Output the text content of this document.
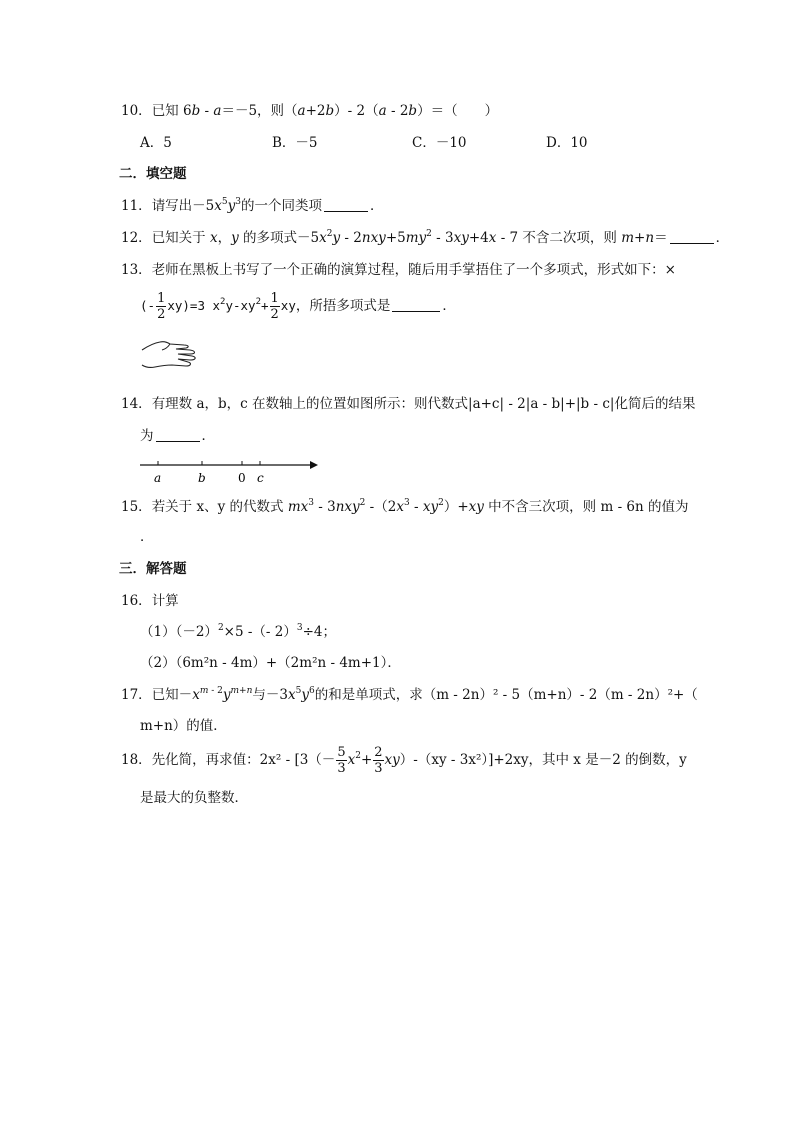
10．已知 6b - a＝－5，则（a+2b）- 2（a - 2b）＝（　　）
A．5	B．－5	C．－10	D．10
二．填空题
11．请写出$-5x^5y^3$的一个同类项	．
12．已知关于 x，y 的多项式$-5x^2y - 2nxy+5my^2 - 3xy+4x - 7$ 不含二次项，则 m+n＝	．
13．老师在黑板上书写了一个正确的演算过程，随后用手掌捂住了一个多项式，形式如下：×
(- $\frac{1}{2} xy)=3$ $x^2y-xy^2+ \frac{1}{2}$ xy，所捂多项式是	．
14．有理数 a，b，c 在数轴上的位置如图所示：则代数式|a+c| - 2|a - b|+|b - c|化简后的结果
为	．
a	b	0 c
15．若关于 x、y 的代数式 $mx^3 - 3nxy^2$ $-(2x^3 - xy^2)+xy$ 中不含三次项，则 m - 6n 的值为
．
三．解答题
16．计算
$(1)(-2)^2\times 5$ -（- 2）$^3$÷4；
（2）（6m²n - 4m）+（2m²n - 4m+1）．
17．已知$-x^{m - 2}y^{m+n}$与$-3x^5y^6$的和是单项式，求（m - 2n）² - 5（m+n）- 2（m - 2n）²+（
m+n）的值．
18．先化简，再求值：$2x^2 - [3(- \frac{5}{3} x^2+ \frac{2}{3} xy)-(xy - 3x^2)]+2xy$，其中 x 是－2 的倒数，y
是最大的负整数．
